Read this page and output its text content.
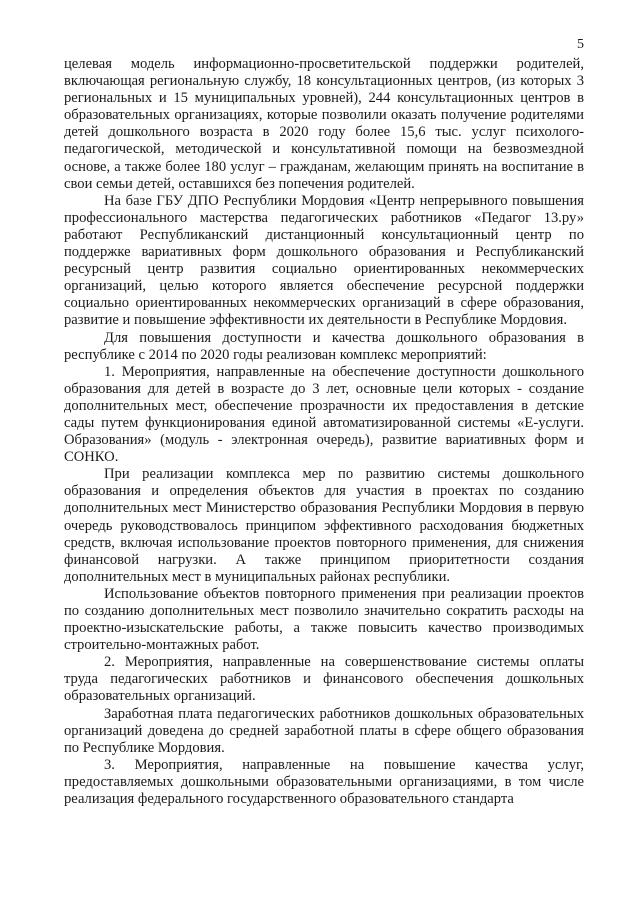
5

целевая модель информационно-просветительской поддержки родителей, включающая региональную службу, 18 консультационных центров, (из которых 3 региональных и 15 муниципальных уровней), 244 консультационных центров в образовательных организациях, которые позволили оказать получение родителями детей дошкольного возраста в 2020 году более 15,6 тыс. услуг психолого-педагогической, методической и консультативной помощи на безвозмездной основе, а также более 180 услуг – гражданам, желающим принять на воспитание в свои семьи детей, оставшихся без попечения родителей.

На базе ГБУ ДПО Республики Мордовия «Центр непрерывного повышения профессионального мастерства педагогических работников «Педагог 13.ру» работают Республиканский дистанционный консультационный центр по поддержке вариативных форм дошкольного образования и Республиканский ресурсный центр развития социально ориентированных некоммерческих организаций, целью которого является обеспечение ресурсной поддержки социально ориентированных некоммерческих организаций в сфере образования, развитие и повышение эффективности их деятельности в Республике Мордовия.

Для повышения доступности и качества дошкольного образования в республике с 2014 по 2020 годы реализован комплекс мероприятий:

1. Мероприятия, направленные на обеспечение доступности дошкольного образования для детей в возрасте до 3 лет, основные цели которых - создание дополнительных мест, обеспечение прозрачности их предоставления в детские сады путем функционирования единой автоматизированной системы «Е-услуги. Образования» (модуль - электронная очередь), развитие вариативных форм и СОНКО.

При реализации комплекса мер по развитию системы дошкольного образования и определения объектов для участия в проектах по созданию дополнительных мест Министерство образования Республики Мордовия в первую очередь руководствовалось принципом эффективного расходования бюджетных средств, включая использование проектов повторного применения, для снижения финансовой нагрузки. А также принципом приоритетности создания дополнительных мест в муниципальных районах республики.

Использование объектов повторного применения при реализации проектов по созданию дополнительных мест позволило значительно сократить расходы на проектно-изыскательские работы, а также повысить качество производимых строительно-монтажных работ.

2. Мероприятия, направленные на совершенствование системы оплаты труда педагогических работников и финансового обеспечения дошкольных образовательных организаций.

Заработная плата педагогических работников дошкольных образовательных организаций доведена до средней заработной платы в сфере общего образования по Республике Мордовия.

3. Мероприятия, направленные на повышение качества услуг, предоставляемых дошкольными образовательными организациями, в том числе реализация федерального государственного образовательного стандарта
